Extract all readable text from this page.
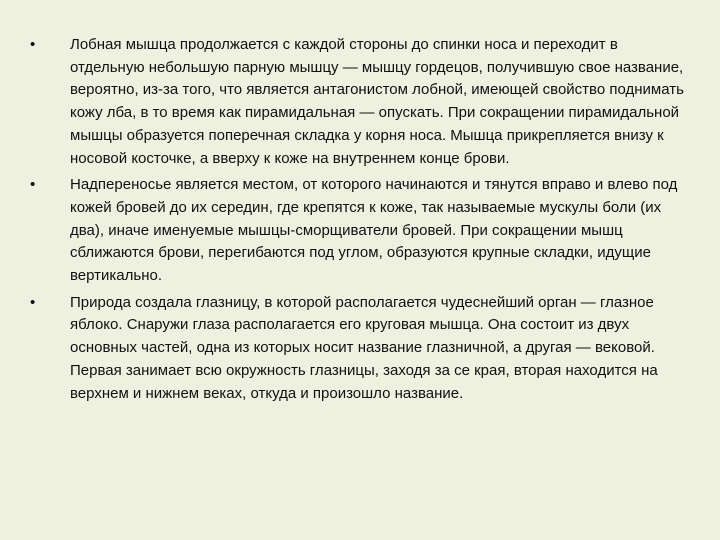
•	Лобная мышца продолжается с каждой стороны до спинки носа и переходит в отдельную небольшую парную мышцу — мышцу гордецов, получившую свое название, вероятно, из-за того, что является антагонистом лобной, имеющей свойство поднимать кожу лба, в то время как пирамидальная — опускать. При сокращении пирамидальной мышцы образуется поперечная складка у корня носа. Мышца прикрепляется внизу к носовой косточке, а вверху к коже на внутреннем конце брови.
•	Надпереносье является местом, от которого начинаются и тянутся вправо и влево под кожей бровей до их середин, где крепятся к коже, так называемые мускулы боли (их два), иначе именуемые мышцы-сморщиватели бровей. При сокращении мышц сближаются брови, перегибаются под углом, образуются крупные складки, идущие вертикально.
•	Природа создала глазницу, в которой располагается чудеснейший орган — глазное яблоко. Снаружи глаза располагается его круговая мышца. Она состоит из двух основных частей, одна из которых носит название глазничной, а другая — вековой. Первая занимает всю окружность глазницы, заходя за се края, вторая находится на верхнем и нижнем веках, откуда и произошло название.
